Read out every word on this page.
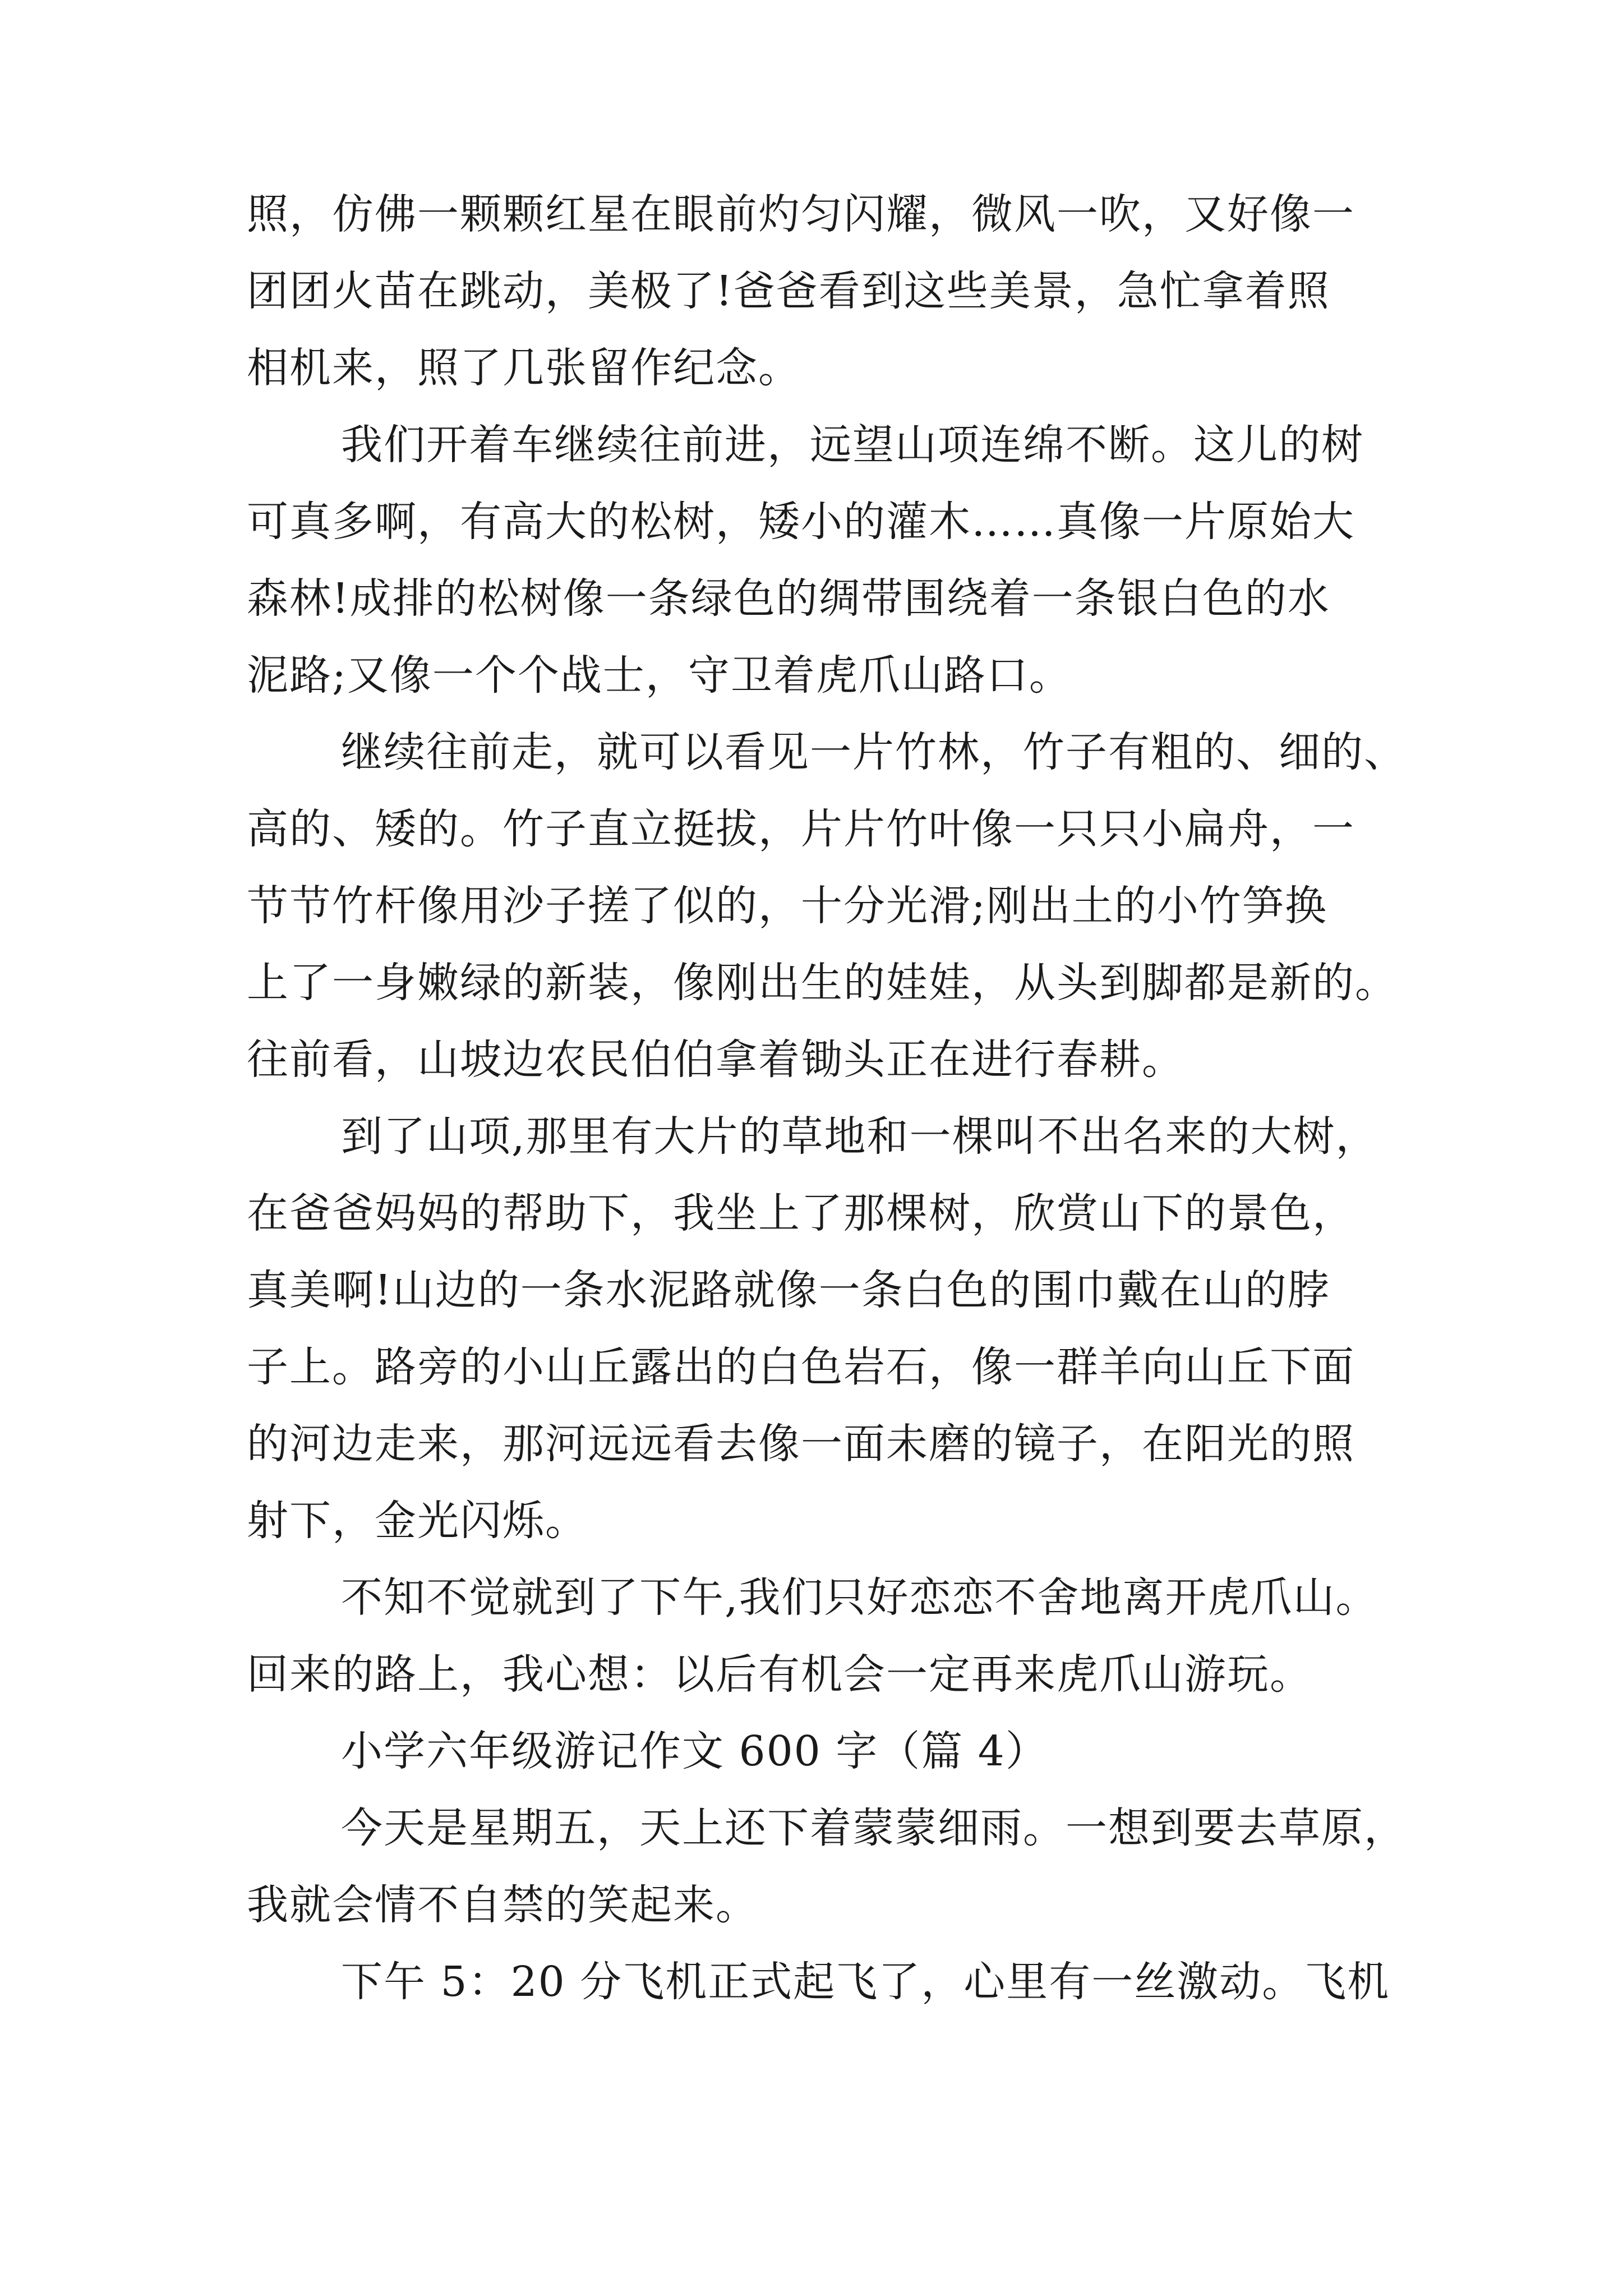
照，仿佛一颗颗红星在眼前灼匀闪耀，微风一吹，又好像一
团团火苗在跳动，美极了!爸爸看到这些美景，急忙拿着照
相机来，照了几张留作纪念。
我们开着车继续往前进，远望山项连绵不断。这儿的树
可真多啊，有高大的松树，矮小的灌木……真像一片原始大
森林!成排的松树像一条绿色的绸带围绕着一条银白色的水
泥路;又像一个个战士，守卫着虎爪山路口。
继续往前走，就可以看见一片竹林，竹子有粗的、细的、
高的、矮的。竹子直立挺拔，片片竹叶像一只只小扁舟，一
节节竹杆像用沙子搓了似的，十分光滑;刚出土的小竹笋换
上了一身嫩绿的新装，像刚出生的娃娃，从头到脚都是新的。
往前看，山坡边农民伯伯拿着锄头正在进行春耕。
到了山项,那里有大片的草地和一棵叫不出名来的大树，
在爸爸妈妈的帮助下，我坐上了那棵树，欣赏山下的景色，
真美啊!山边的一条水泥路就像一条白色的围巾戴在山的脖
子上。路旁的小山丘露出的白色岩石，像一群羊向山丘下面
的河边走来，那河远远看去像一面未磨的镜子，在阳光的照
射下，金光闪烁。
不知不觉就到了下午,我们只好恋恋不舍地离开虎爪山。
回来的路上，我心想：以后有机会一定再来虎爪山游玩。
小学六年级游记作文 600 字（篇 4）
今天是星期五，天上还下着蒙蒙细雨。一想到要去草原，
我就会情不自禁的笑起来。
下午 5：20 分飞机正式起飞了，心里有一丝激动。飞机
